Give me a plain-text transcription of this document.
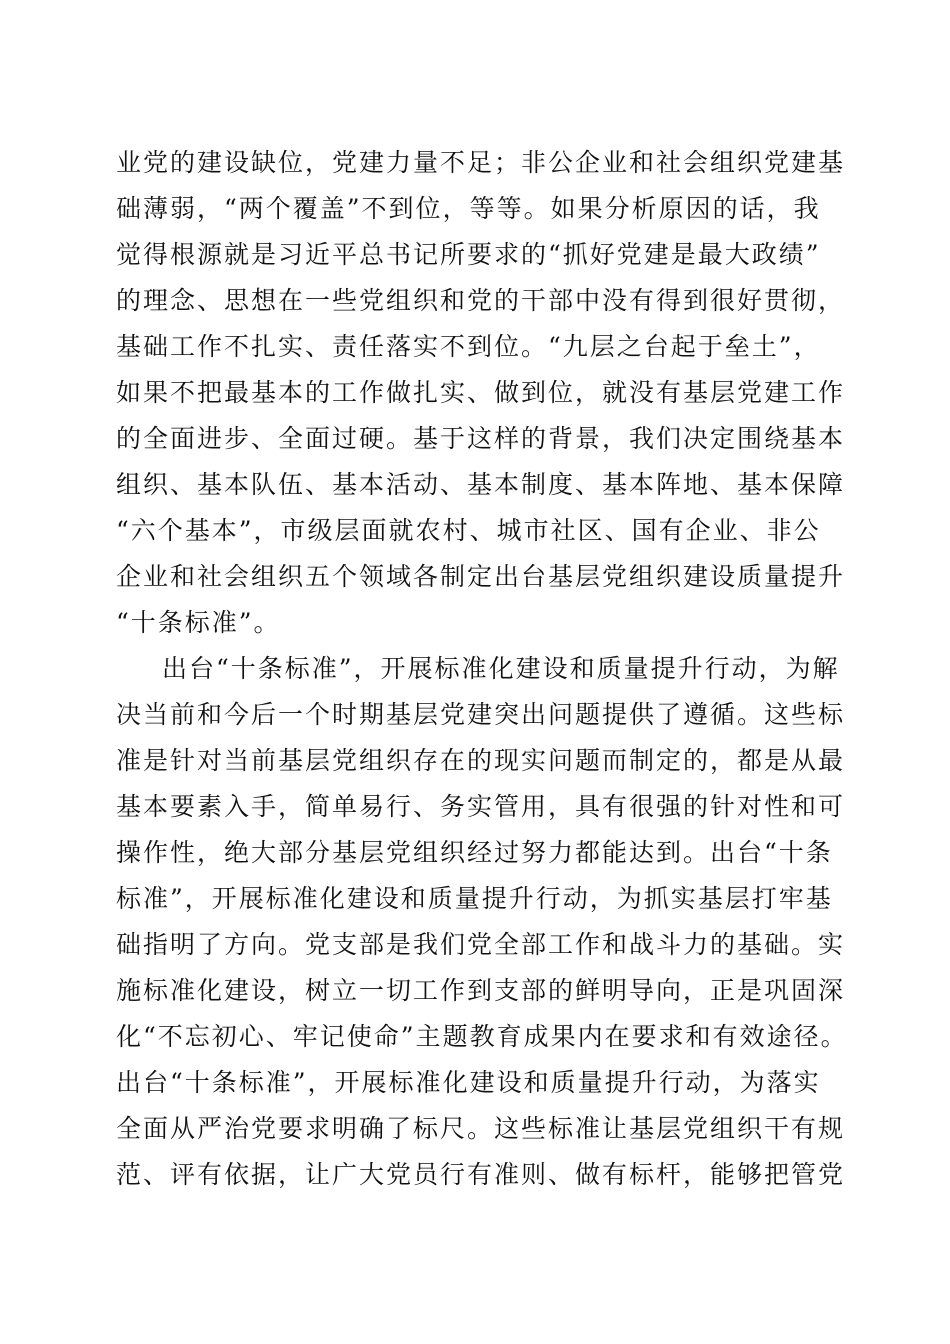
业党的建设缺位，党建力量不足；非公企业和社会组织党建基
础薄弱，“两个覆盖”不到位，等等。如果分析原因的话，我
觉得根源就是习近平总书记所要求的“抓好党建是最大政绩”
的理念、思想在一些党组织和党的干部中没有得到很好贯彻，
基础工作不扎实、责任落实不到位。“九层之台起于垒土”，
如果不把最基本的工作做扎实、做到位，就没有基层党建工作
的全面进步、全面过硬。基于这样的背景，我们决定围绕基本
组织、基本队伍、基本活动、基本制度、基本阵地、基本保障
“六个基本”，市级层面就农村、城市社区、国有企业、非公
企业和社会组织五个领域各制定出台基层党组织建设质量提升
“十条标准”。
出台“十条标准”，开展标准化建设和质量提升行动，为解
决当前和今后一个时期基层党建突出问题提供了遵循。这些标
准是针对当前基层党组织存在的现实问题而制定的，都是从最
基本要素入手，简单易行、务实管用，具有很强的针对性和可
操作性，绝大部分基层党组织经过努力都能达到。出台“十条
标准”，开展标准化建设和质量提升行动，为抓实基层打牢基
础指明了方向。党支部是我们党全部工作和战斗力的基础。实
施标准化建设，树立一切工作到支部的鲜明导向，正是巩固深
化“不忘初心、牢记使命”主题教育成果内在要求和有效途径。
出台“十条标准”，开展标准化建设和质量提升行动，为落实
全面从严治党要求明确了标尺。这些标准让基层党组织干有规
范、评有依据，让广大党员行有准则、做有标杆，能够把管党
